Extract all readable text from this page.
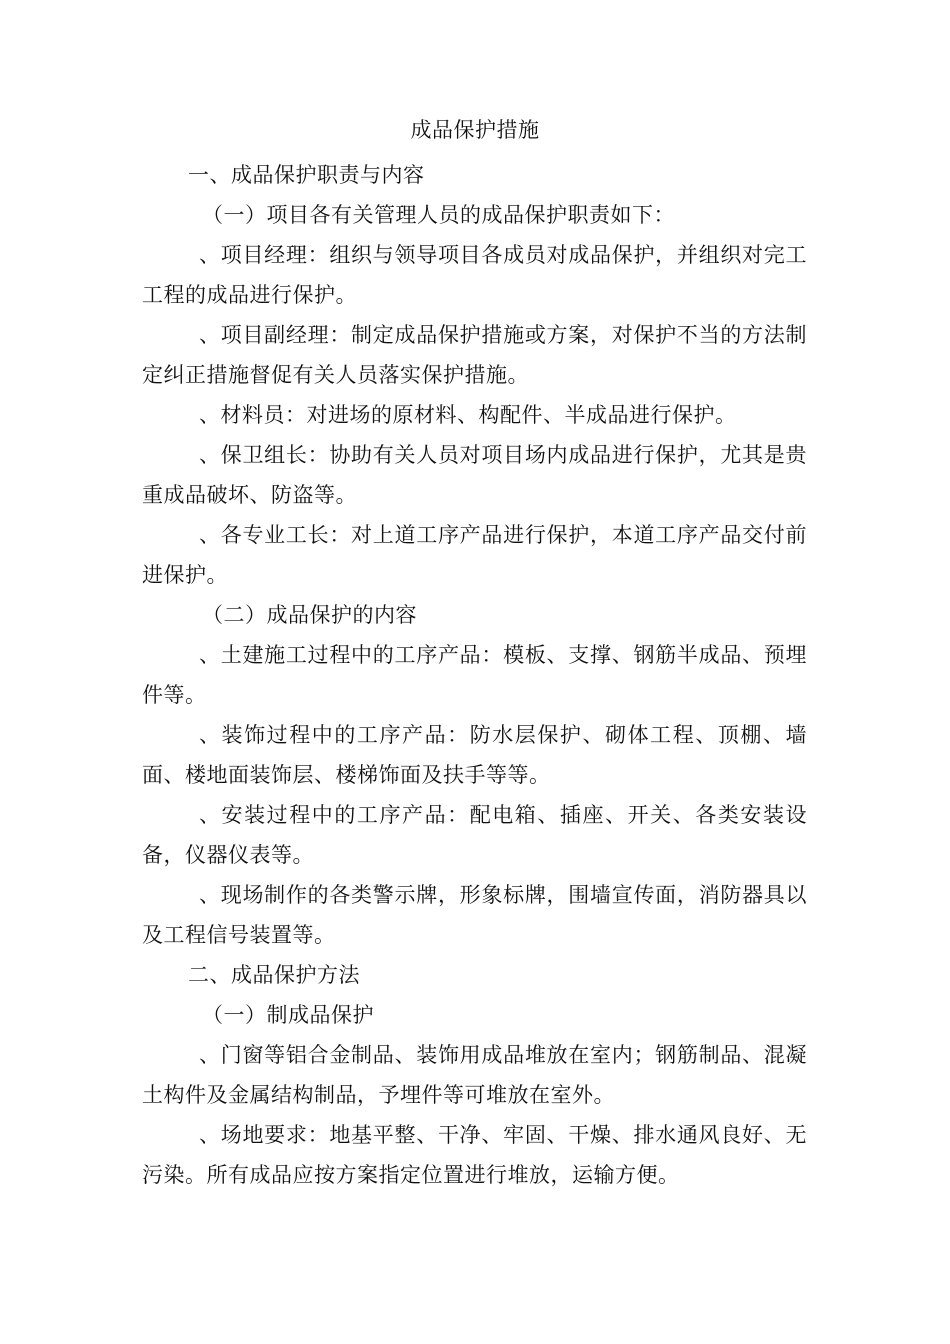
成品保护措施

一、成品保护职责与内容

（一）项目各有关管理人员的成品保护职责如下：

、项目经理：组织与领导项目各成员对成品保护，并组织对完工工程的成品进行保护。

、项目副经理：制定成品保护措施或方案，对保护不当的方法制定纠正措施督促有关人员落实保护措施。

、材料员：对进场的原材料、构配件、半成品进行保护。

、保卫组长：协助有关人员对项目场内成品进行保护，尤其是贵重成品破坏、防盗等。

、各专业工长：对上道工序产品进行保护，本道工序产品交付前进保护。

（二）成品保护的内容

、土建施工过程中的工序产品：模板、支撑、钢筋半成品、预埋件等。

、装饰过程中的工序产品：防水层保护、砌体工程、顶棚、墙面、楼地面装饰层、楼梯饰面及扶手等等。

、安装过程中的工序产品：配电箱、插座、开关、各类安装设备，仪器仪表等。

、现场制作的各类警示牌，形象标牌，围墙宣传面，消防器具以及工程信号装置等。

二、成品保护方法

（一）制成品保护

、门窗等铝合金制品、装饰用成品堆放在室内；钢筋制品、混凝土构件及金属结构制品，予埋件等可堆放在室外。

、场地要求：地基平整、干净、牢固、干燥、排水通风良好、无污染。所有成品应按方案指定位置进行堆放，运输方便。
